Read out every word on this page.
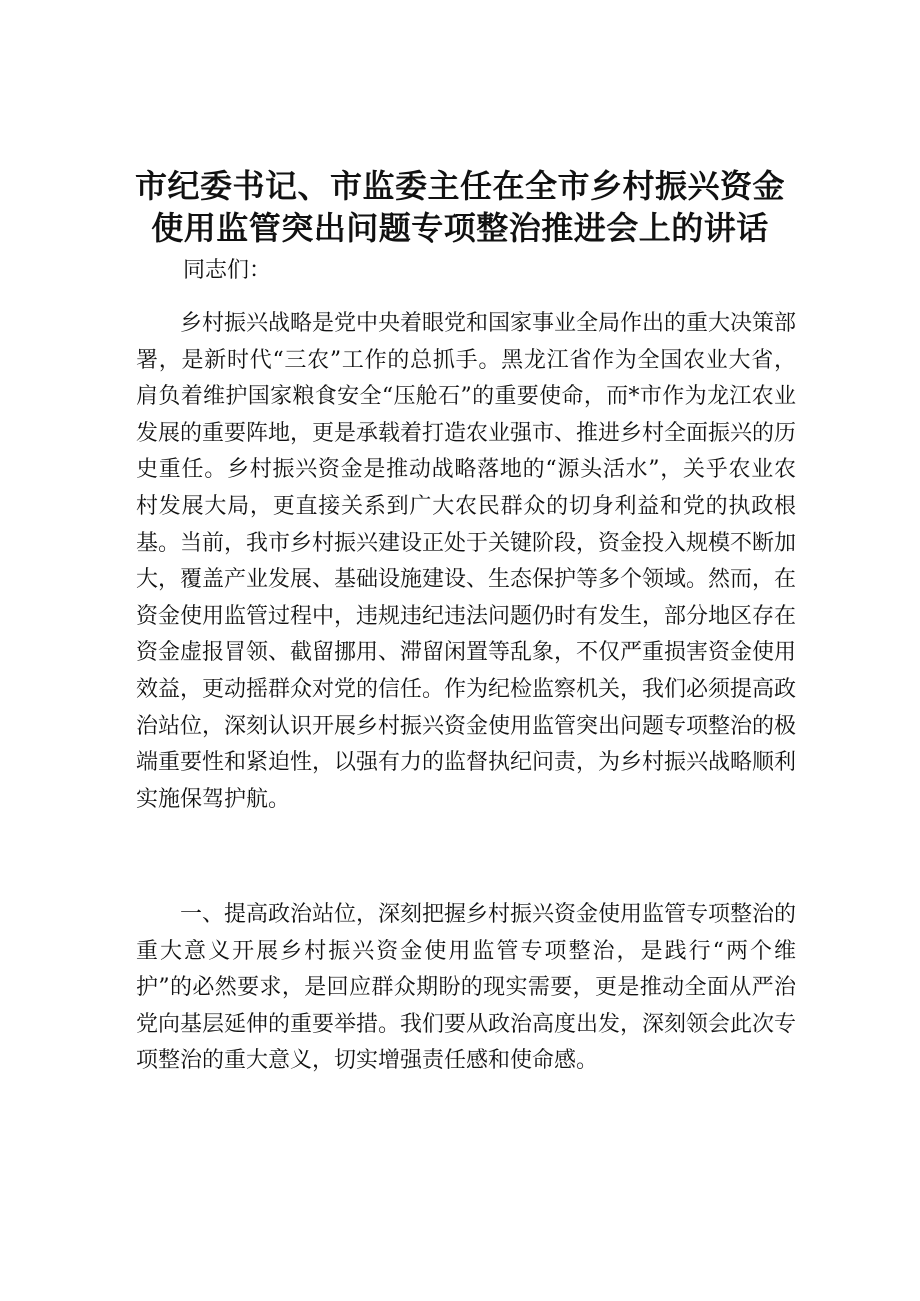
市纪委书记、市监委主任在全市乡村振兴资金
使用监管突出问题专项整治推进会上的讲话

同志们：

乡村振兴战略是党中央着眼党和国家事业全局作出的重大决策部署，是新时代“三农”工作的总抓手。黑龙江省作为全国农业大省，肩负着维护国家粮食安全“压舱石”的重要使命，而*市作为龙江农业发展的重要阵地，更是承载着打造农业强市、推进乡村全面振兴的历史重任。乡村振兴资金是推动战略落地的“源头活水”，关乎农业农村发展大局，更直接关系到广大农民群众的切身利益和党的执政根基。当前，我市乡村振兴建设正处于关键阶段，资金投入规模不断加大，覆盖产业发展、基础设施建设、生态保护等多个领域。然而，在资金使用监管过程中，违规违纪违法问题仍时有发生，部分地区存在资金虚报冒领、截留挪用、滞留闲置等乱象，不仅严重损害资金使用效益，更动摇群众对党的信任。作为纪检监察机关，我们必须提高政治站位，深刻认识开展乡村振兴资金使用监管突出问题专项整治的极端重要性和紧迫性，以强有力的监督执纪问责，为乡村振兴战略顺利实施保驾护航。

一、提高政治站位，深刻把握乡村振兴资金使用监管专项整治的重大意义开展乡村振兴资金使用监管专项整治，是践行“两个维护”的必然要求，是回应群众期盼的现实需要，更是推动全面从严治党向基层延伸的重要举措。我们要从政治高度出发，深刻领会此次专项整治的重大意义，切实增强责任感和使命感。
